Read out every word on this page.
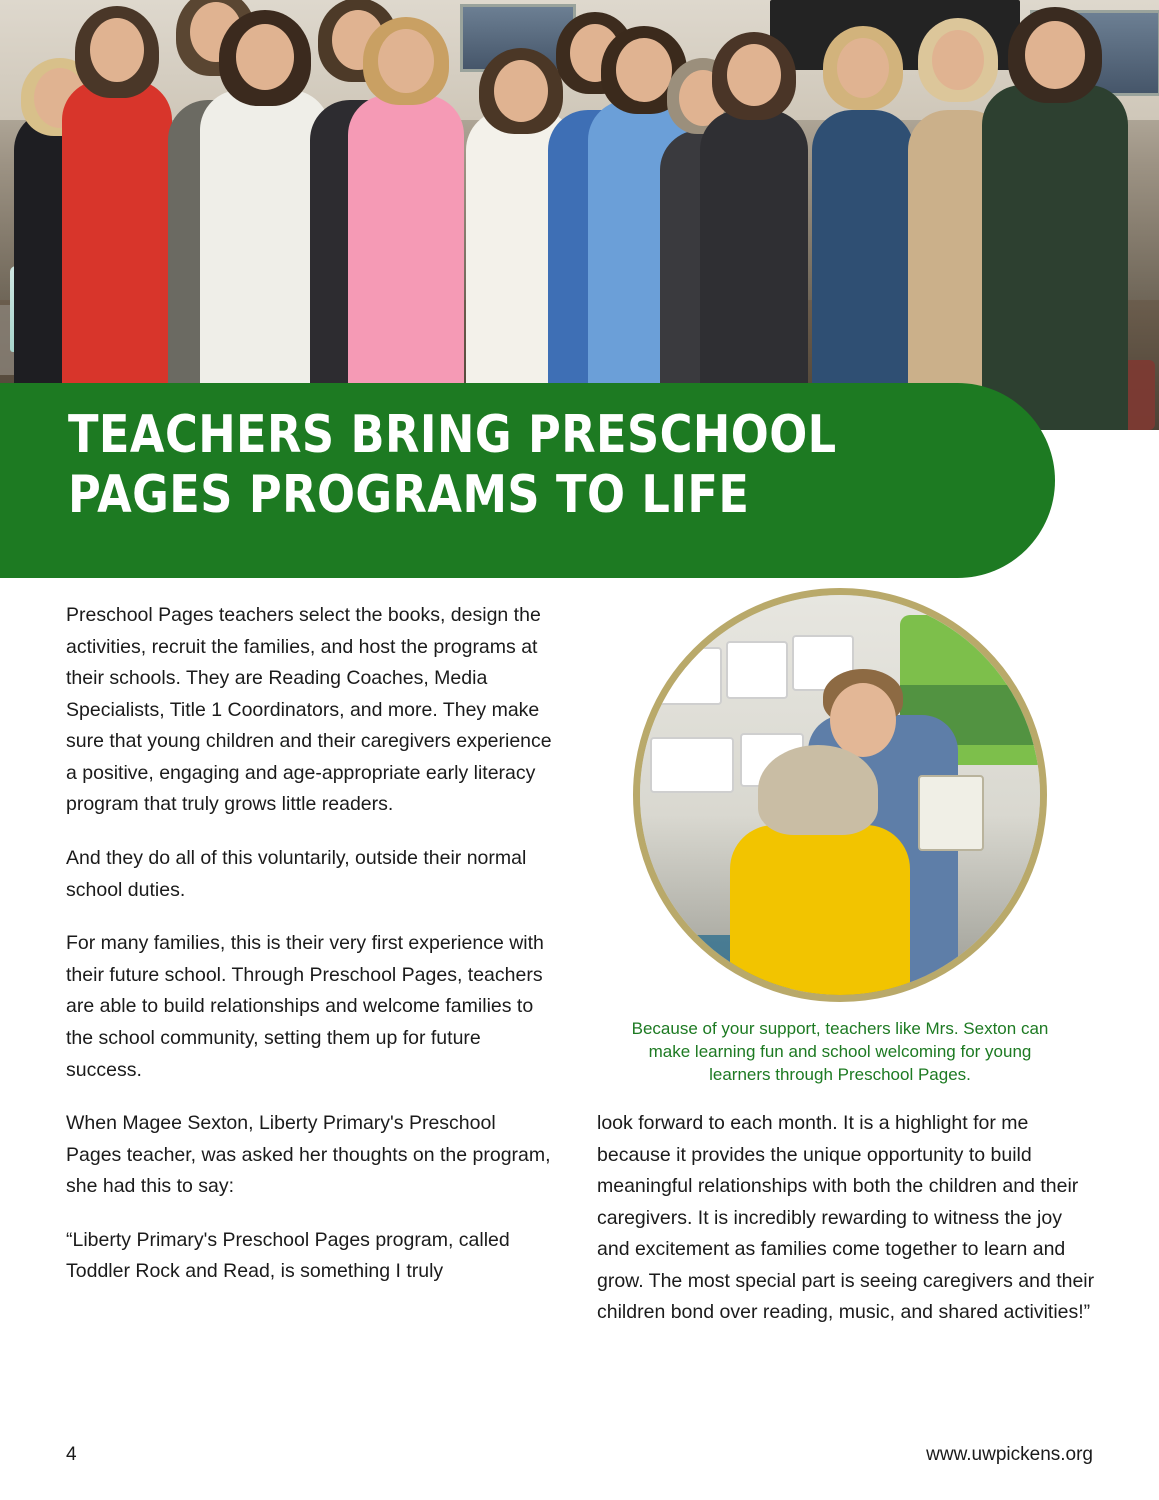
TEACHERS BRING PRESCHOOL PAGES PROGRAMS TO LIFE

Preschool Pages teachers select the books, design the activities, recruit the families, and host the programs at their schools. They are Reading Coaches, Media Specialists, Title 1 Coordinators, and more. They make sure that young children and their caregivers experience a positive, engaging and age-appropriate early literacy program that truly grows little readers.

And they do all of this voluntarily, outside their normal school duties.

For many families, this is their very first experience with their future school. Through Preschool Pages, teachers are able to build relationships and welcome families to the school community, setting them up for future success.

When Magee Sexton, Liberty Primary's Preschool Pages teacher, was asked her thoughts on the program, she had this to say:

“Liberty Primary's Preschool Pages program, called Toddler Rock and Read, is something I truly

Because of your support, teachers like Mrs. Sexton can make learning fun and school welcoming for young learners through Preschool Pages.

look forward to each month. It is a highlight for me because it provides the unique opportunity to build meaningful relationships with both the children and their caregivers. It is incredibly rewarding to witness the joy and excitement as families come together to learn and grow. The most special part is seeing caregivers and their children bond over reading, music, and shared activities!”

4	www.uwpickens.org
